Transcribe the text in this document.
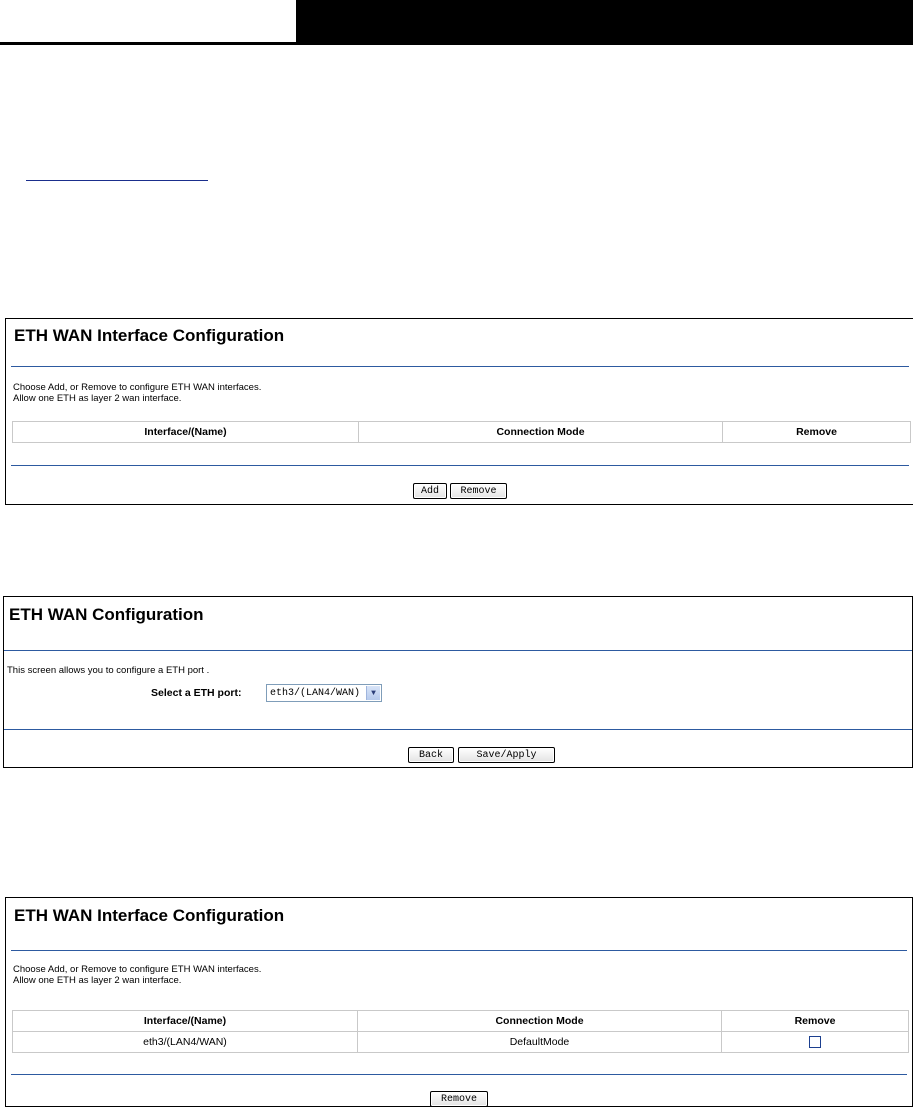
ETH WAN Interface Configuration
Choose Add, or Remove to configure ETH WAN interfaces.
Allow one ETH as layer 2 wan interface.
Interface/(Name)	Connection Mode	Remove
Add	Remove
ETH WAN Configuration
This screen allows you to configure a ETH port .
Select a ETH port:	eth3/(LAN4/WAN)	▼
Back	Save/Apply
ETH WAN Interface Configuration
Choose Add, or Remove to configure ETH WAN interfaces.
Allow one ETH as layer 2 wan interface.
Interface/(Name)	Connection Mode	Remove
eth3/(LAN4/WAN)	DefaultMode	
Remove
